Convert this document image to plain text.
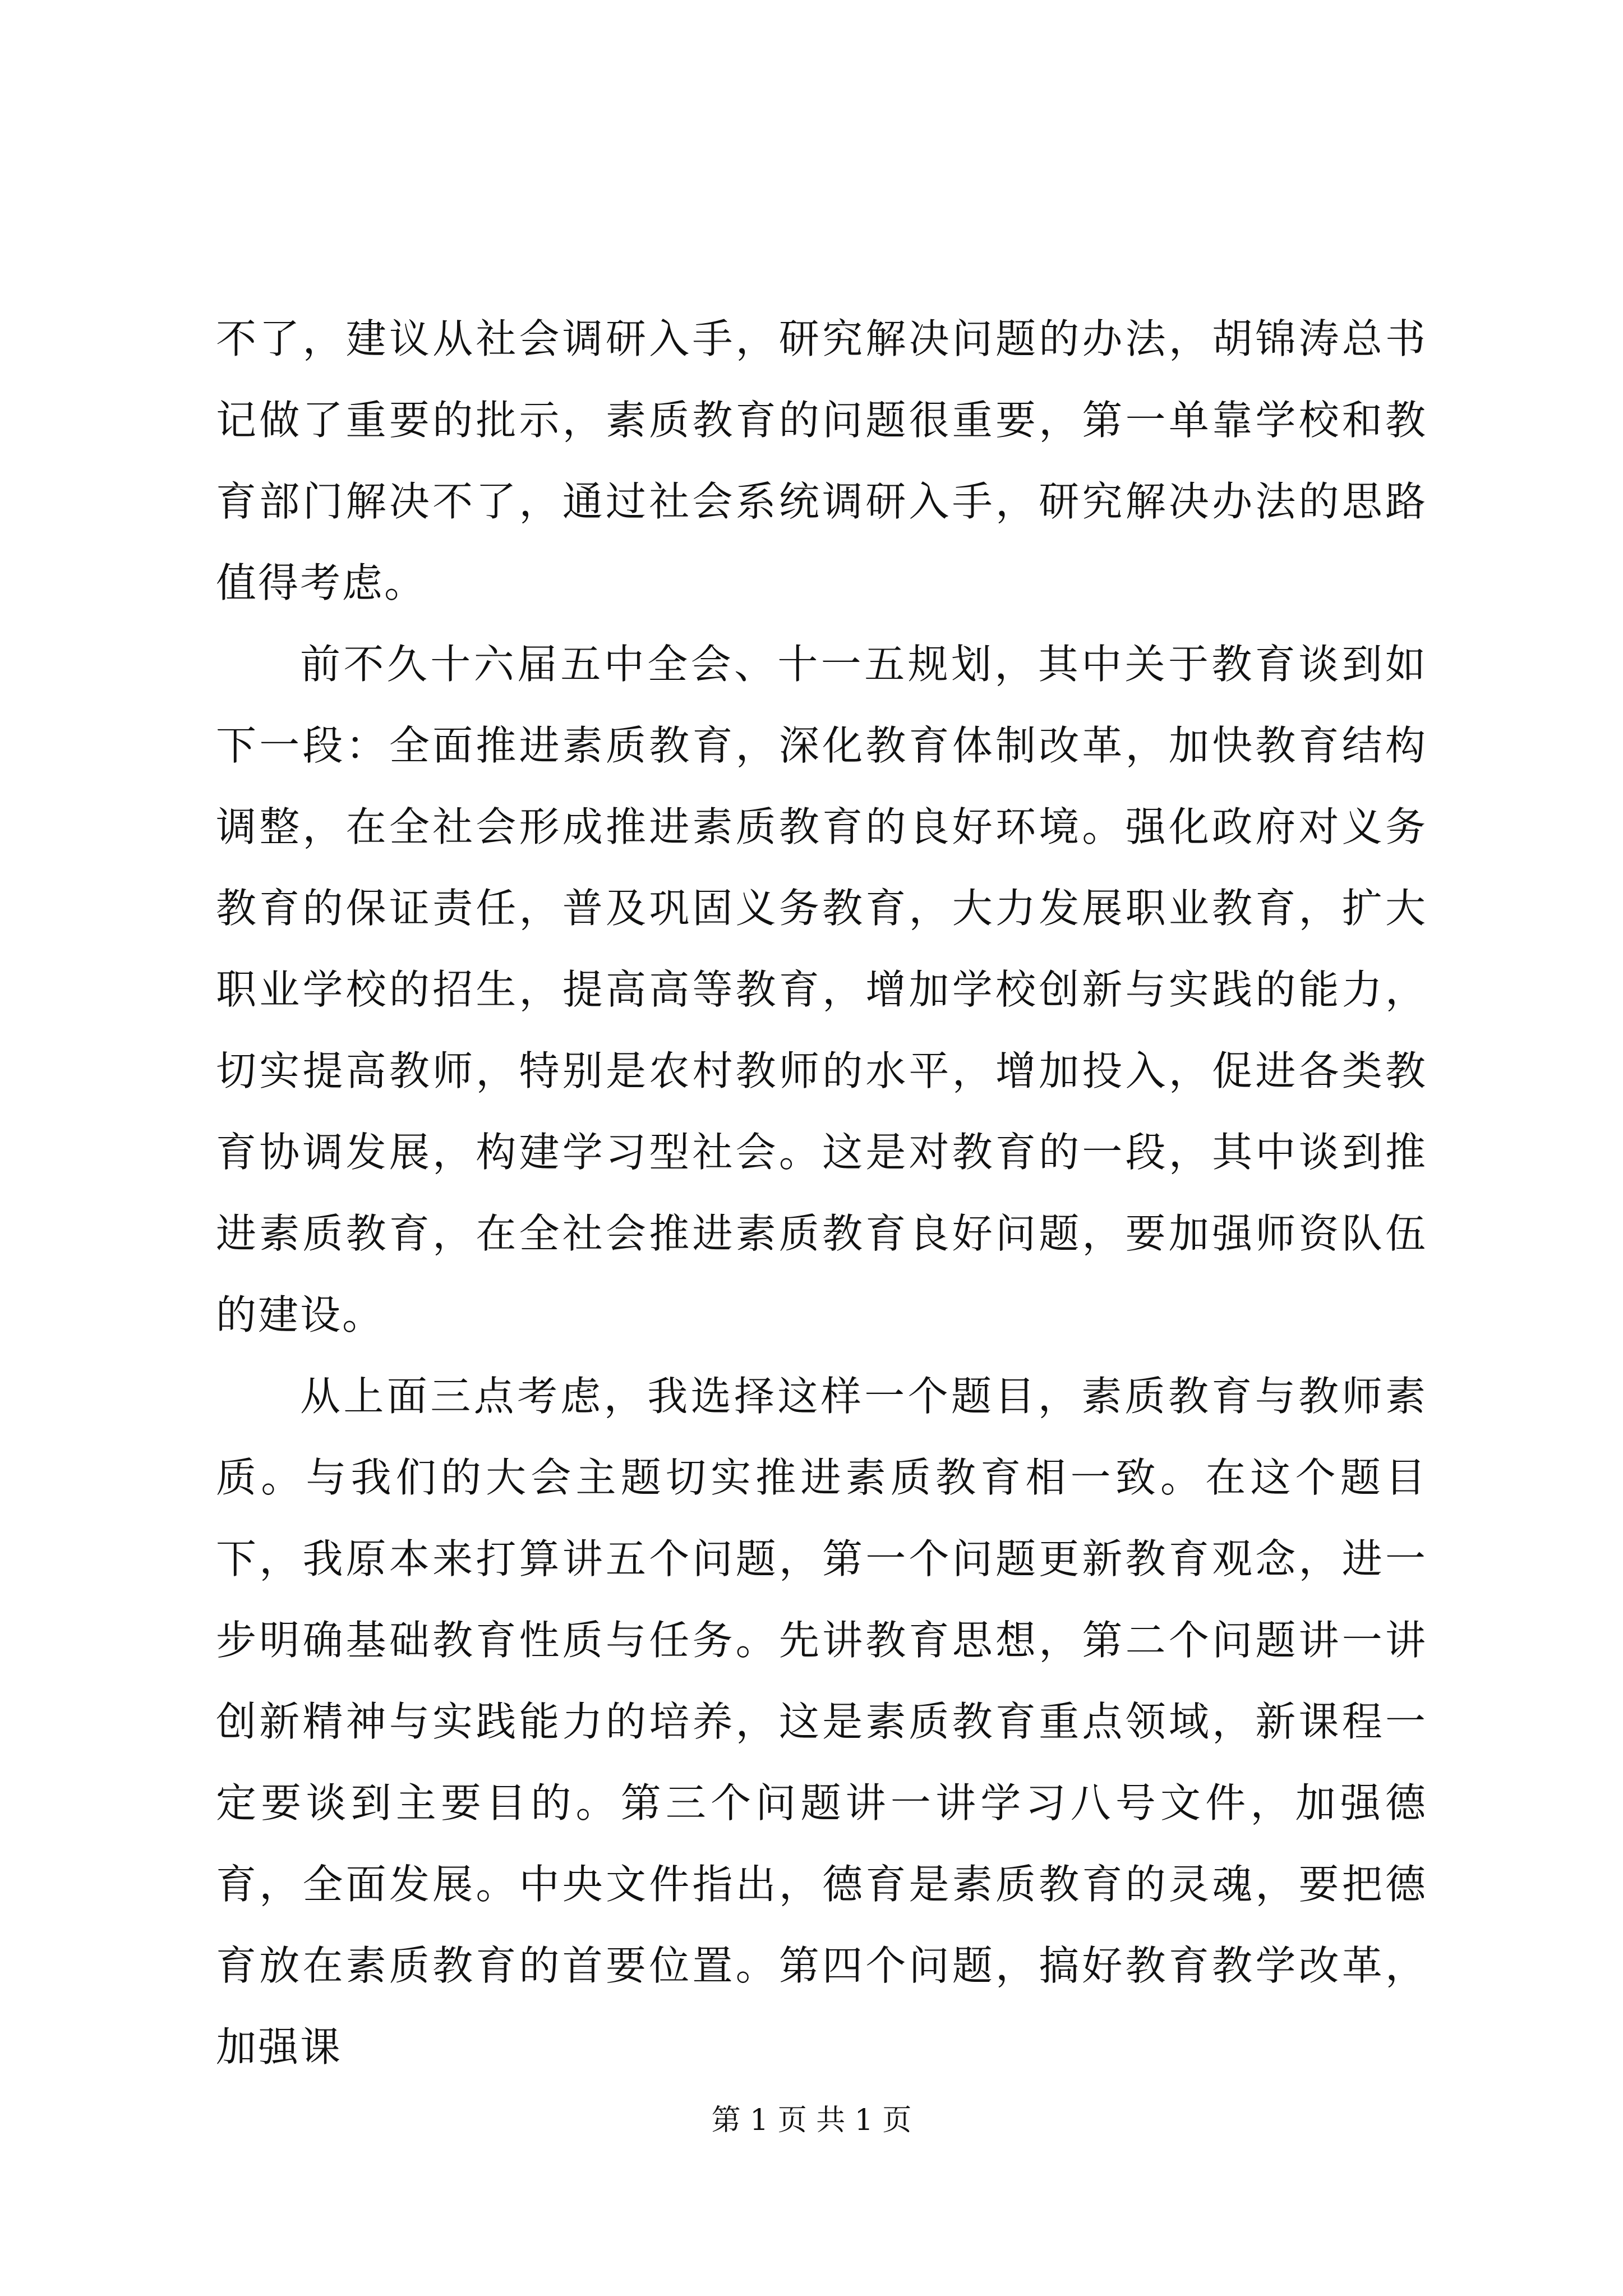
不了，建议从社会调研入手，研究解决问题的办法，胡锦涛总书记做了重要的批示，素质教育的问题很重要，第一单靠学校和教育部门解决不了，通过社会系统调研入手，研究解决办法的思路值得考虑。

前不久十六届五中全会、十一五规划，其中关于教育谈到如下一段：全面推进素质教育，深化教育体制改革，加快教育结构调整，在全社会形成推进素质教育的良好环境。强化政府对义务教育的保证责任，普及巩固义务教育，大力发展职业教育，扩大职业学校的招生，提高高等教育，增加学校创新与实践的能力，切实提高教师，特别是农村教师的水平，增加投入，促进各类教育协调发展，构建学习型社会。这是对教育的一段，其中谈到推进素质教育，在全社会推进素质教育良好问题，要加强师资队伍的建设。

从上面三点考虑，我选择这样一个题目，素质教育与教师素质。与我们的大会主题切实推进素质教育相一致。在这个题目下，我原本来打算讲五个问题，第一个问题更新教育观念，进一步明确基础教育性质与任务。先讲教育思想，第二个问题讲一讲创新精神与实践能力的培养，这是素质教育重点领域，新课程一定要谈到主要目的。第三个问题讲一讲学习八号文件，加强德育，全面发展。中央文件指出，德育是素质教育的灵魂，要把德育放在素质教育的首要位置。第四个问题，搞好教育教学改革，加强课

第 1 页 共 1 页
